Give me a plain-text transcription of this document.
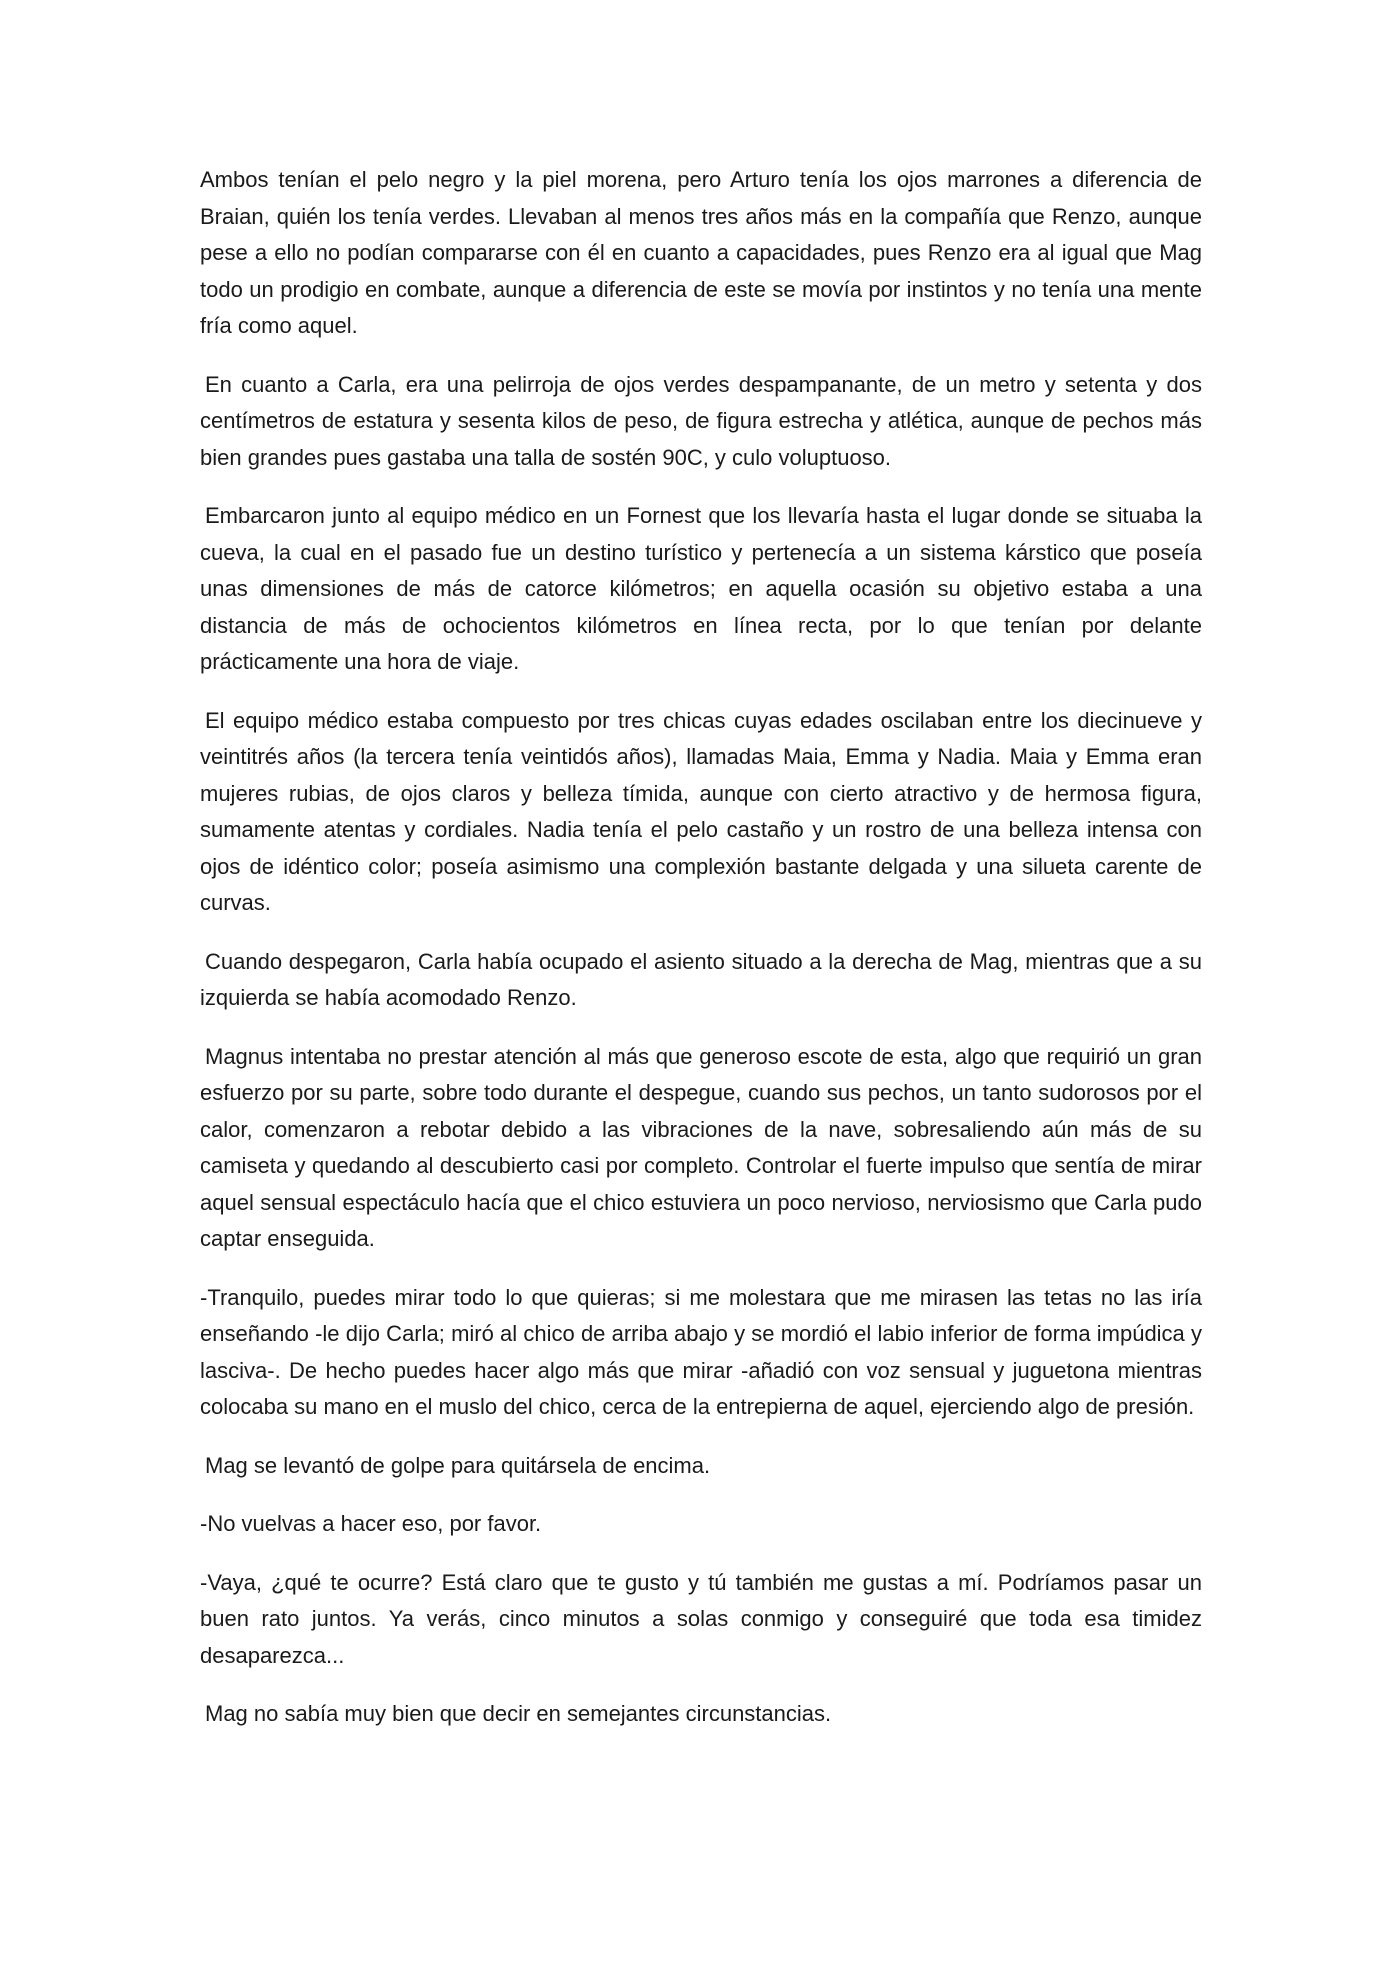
Ambos tenían el pelo negro y la piel morena, pero Arturo tenía los ojos marrones a diferencia de Braian, quién los tenía verdes. Llevaban al menos tres años más en la compañía que Renzo, aunque pese a ello no podían compararse con él en cuanto a capacidades, pues Renzo era al igual que Mag todo un prodigio en combate, aunque a diferencia de este se movía por instintos y no tenía una mente fría como aquel.

En cuanto a Carla, era una pelirroja de ojos verdes despampanante, de un metro y setenta y dos centímetros de estatura y sesenta kilos de peso, de figura estrecha y atlética, aunque de pechos más bien grandes pues gastaba una talla de sostén 90C, y culo voluptuoso.

Embarcaron junto al equipo médico en un Fornest que los llevaría hasta el lugar donde se situaba la cueva, la cual en el pasado fue un destino turístico y pertenecía a un sistema kárstico que poseía unas dimensiones de más de catorce kilómetros; en aquella ocasión su objetivo estaba a una distancia de más de ochocientos kilómetros en línea recta, por lo que tenían por delante prácticamente una hora de viaje.

El equipo médico estaba compuesto por tres chicas cuyas edades oscilaban entre los diecinueve y veintitrés años (la tercera tenía veintidós años), llamadas Maia, Emma y Nadia. Maia y Emma eran mujeres rubias, de ojos claros y belleza tímida, aunque con cierto atractivo y de hermosa figura, sumamente atentas y cordiales. Nadia tenía el pelo castaño y un rostro de una belleza intensa con ojos de idéntico color; poseía asimismo una complexión bastante delgada y una silueta carente de curvas.

Cuando despegaron, Carla había ocupado el asiento situado a la derecha de Mag, mientras que a su izquierda se había acomodado Renzo.

Magnus intentaba no prestar atención al más que generoso escote de esta, algo que requirió un gran esfuerzo por su parte, sobre todo durante el despegue, cuando sus pechos, un tanto sudorosos por el calor, comenzaron a rebotar debido a las vibraciones de la nave, sobresaliendo aún más de su camiseta y quedando al descubierto casi por completo. Controlar el fuerte impulso que sentía de mirar aquel sensual espectáculo hacía que el chico estuviera un poco nervioso, nerviosismo que Carla pudo captar enseguida.

-Tranquilo, puedes mirar todo lo que quieras; si me molestara que me mirasen las tetas no las iría enseñando -le dijo Carla; miró al chico de arriba abajo y se mordió el labio inferior de forma impúdica y lasciva-. De hecho puedes hacer algo más que mirar -añadió con voz sensual y juguetona mientras colocaba su mano en el muslo del chico, cerca de la entrepierna de aquel, ejerciendo algo de presión.

Mag se levantó de golpe para quitársela de encima.

-No vuelvas a hacer eso, por favor.

-Vaya, ¿qué te ocurre? Está claro que te gusto y tú también me gustas a mí. Podríamos pasar un buen rato juntos. Ya verás, cinco minutos a solas conmigo y conseguiré que toda esa timidez desaparezca...

Mag no sabía muy bien que decir en semejantes circunstancias.
